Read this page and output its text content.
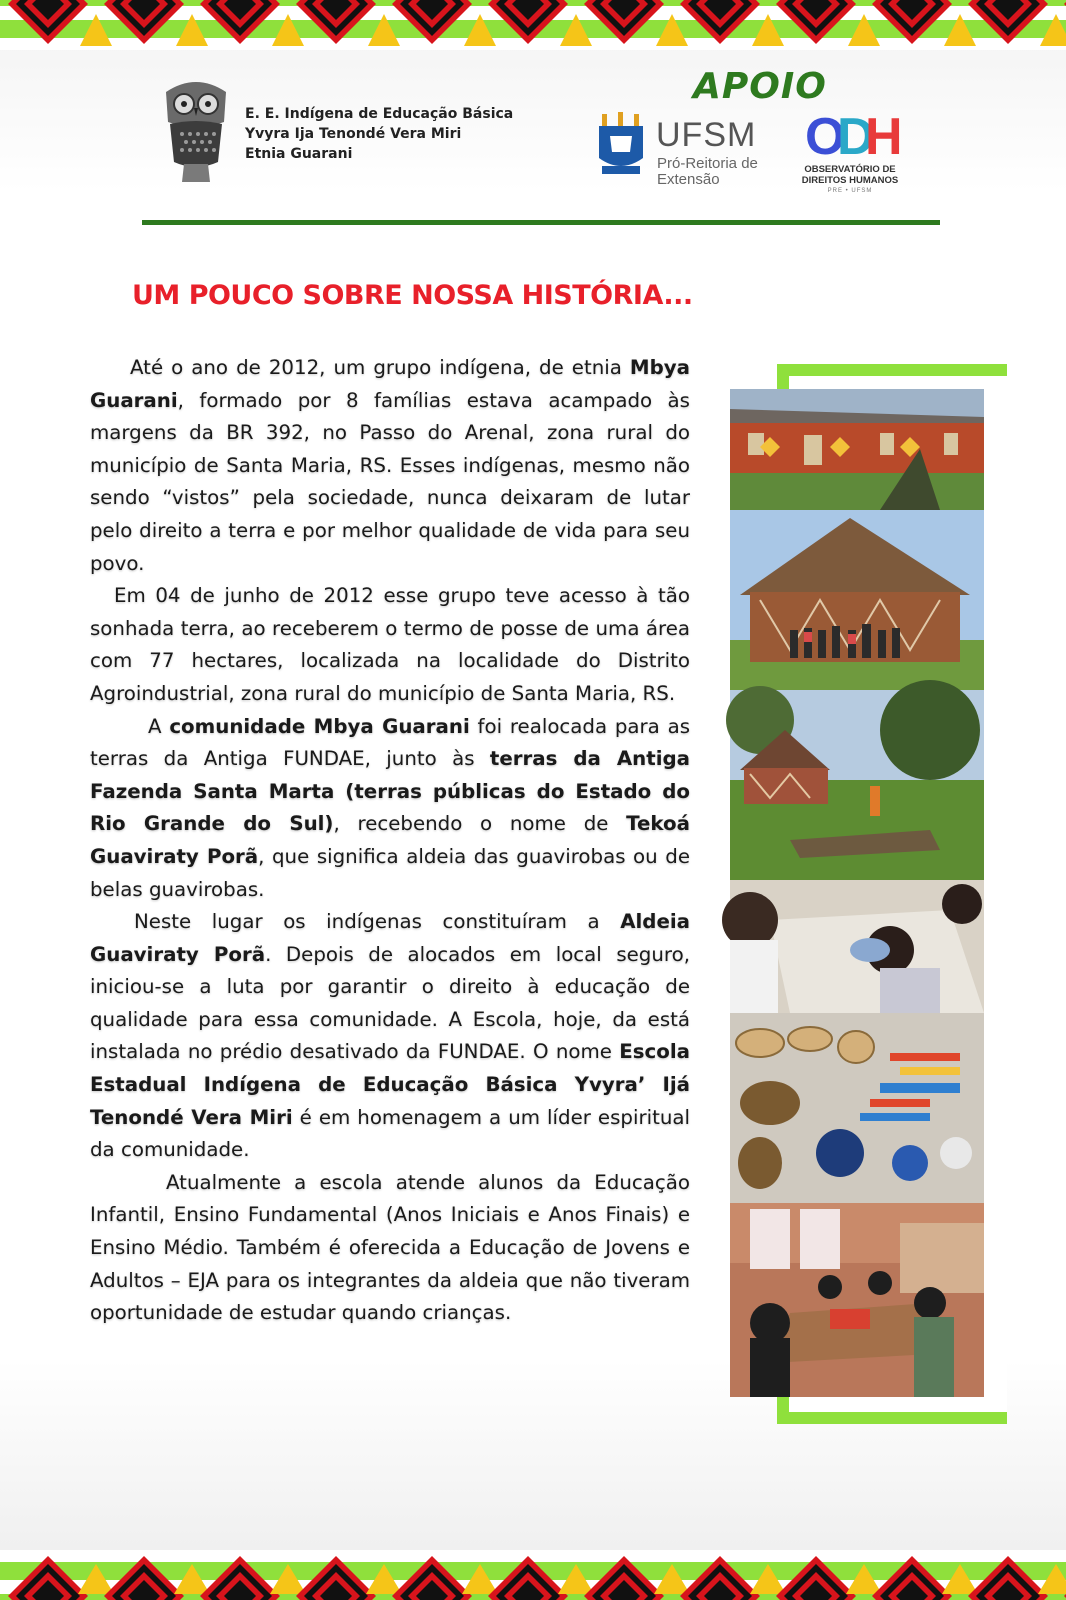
E. E. Indígena de Educação Básica
Yvyra Ija Tenondé Vera Miri
Etnia Guarani
APOIO
UFSM
Pró-Reitoria de
Extensão
O
D
H
OBSERVATÓRIO DE
DIREITOS HUMANOS
PRE • UFSM
UM POUCO SOBRE NOSSA HISTÓRIA...

Até o ano de 2012, um grupo indígena, de etnia Mbya Guarani, formado por 8 famílias estava acampado às margens da BR 392, no Passo do Arenal, zona rural do município de Santa Maria, RS. Esses indígenas, mesmo não sendo “vistos” pela sociedade, nunca deixaram de lutar pelo direito a terra e por melhor qualidade de vida para seu povo.

Em 04 de junho de 2012 esse grupo teve acesso à tão sonhada terra, ao receberem o termo de posse de uma área com 77 hectares, localizada na localidade do Distrito Agroindustrial, zona rural do município de Santa Maria, RS.

A comunidade Mbya Guarani foi realocada para as terras da Antiga FUNDAE, junto às terras da Antiga Fazenda Santa Marta (terras públicas do Estado do Rio Grande do Sul), recebendo o nome de Tekoá Guaviraty Porã, que significa aldeia das guavirobas ou de belas guavirobas.

Neste lugar os indígenas constituíram a Aldeia Guaviraty Porã. Depois de alocados em local seguro, iniciou-se a luta por garantir o direito à educação de qualidade para essa comunidade. A Escola, hoje, da está instalada no prédio desativado da FUNDAE. O nome Escola Estadual Indígena de Educação Básica Yvyra’ Ijá Tenondé Vera Miri é em homenagem a um líder espiritual da comunidade.

Atualmente a escola atende alunos da Educação Infantil, Ensino Fundamental (Anos Iniciais e Anos Finais) e Ensino Médio. Também é oferecida a Educação de Jovens e Adultos – EJA para os integrantes da aldeia que não tiveram oportunidade de estudar quando crianças.
